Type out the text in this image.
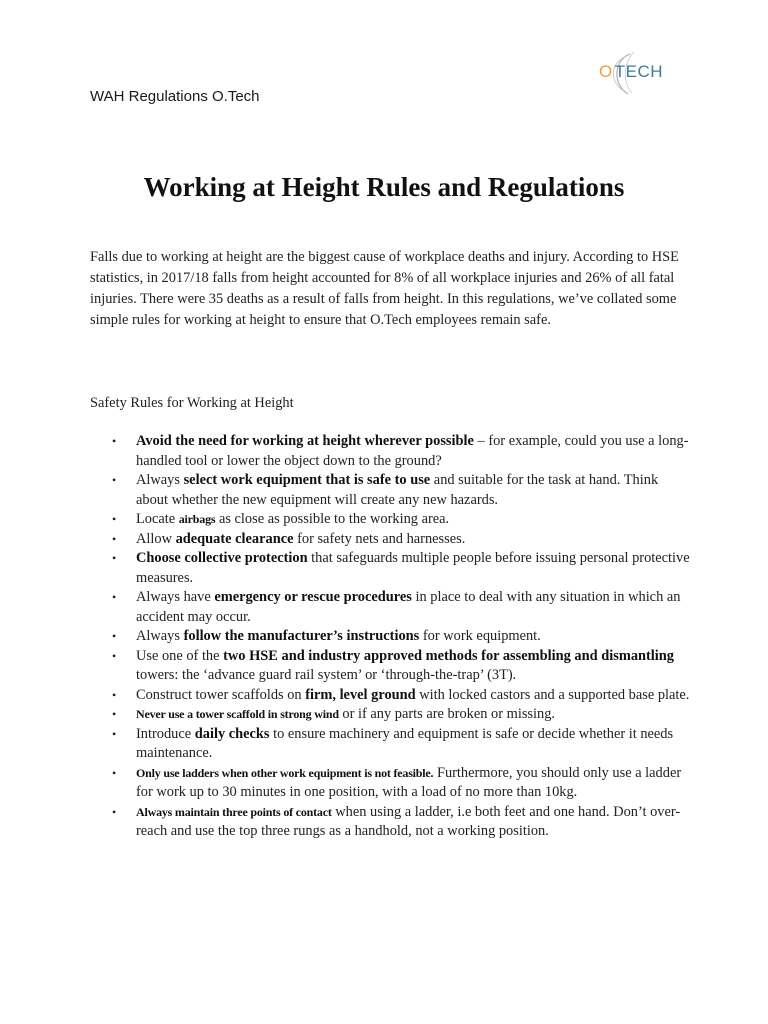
WAH Regulations O.Tech
O TECH
Working at Height Rules and Regulations

Falls due to working at height are the biggest cause of workplace deaths and injury. According to HSE statistics, in 2017/18 falls from height accounted for 8% of all workplace injuries and 26% of all fatal injuries. There were 35 deaths as a result of falls from height. In this regulations, we’ve collated some simple rules for working at height to ensure that O.Tech employees remain safe.

Safety Rules for Working at Height
• Avoid the need for working at height wherever possible – for example, could you use a long-handled tool or lower the object down to the ground?
• Always select work equipment that is safe to use and suitable for the task at hand. Think about whether the new equipment will create any new hazards.
• Locate airbags as close as possible to the working area.
• Allow adequate clearance for safety nets and harnesses.
• Choose collective protection that safeguards multiple people before issuing personal protective measures.
• Always have emergency or rescue procedures in place to deal with any situation in which an accident may occur.
• Always follow the manufacturer’s instructions for work equipment.
• Use one of the two HSE and industry approved methods for assembling and dismantling towers: the ‘advance guard rail system’ or ‘through-the-trap’ (3T).
• Construct tower scaffolds on firm, level ground with locked castors and a supported base plate.
• Never use a tower scaffold in strong wind or if any parts are broken or missing.
• Introduce daily checks to ensure machinery and equipment is safe or decide whether it needs maintenance.
• Only use ladders when other work equipment is not feasible. Furthermore, you should only use a ladder for work up to 30 minutes in one position, with a load of no more than 10kg.
• Always maintain three points of contact when using a ladder, i.e both feet and one hand. Don’t over-reach and use the top three rungs as a handhold, not a working position.
